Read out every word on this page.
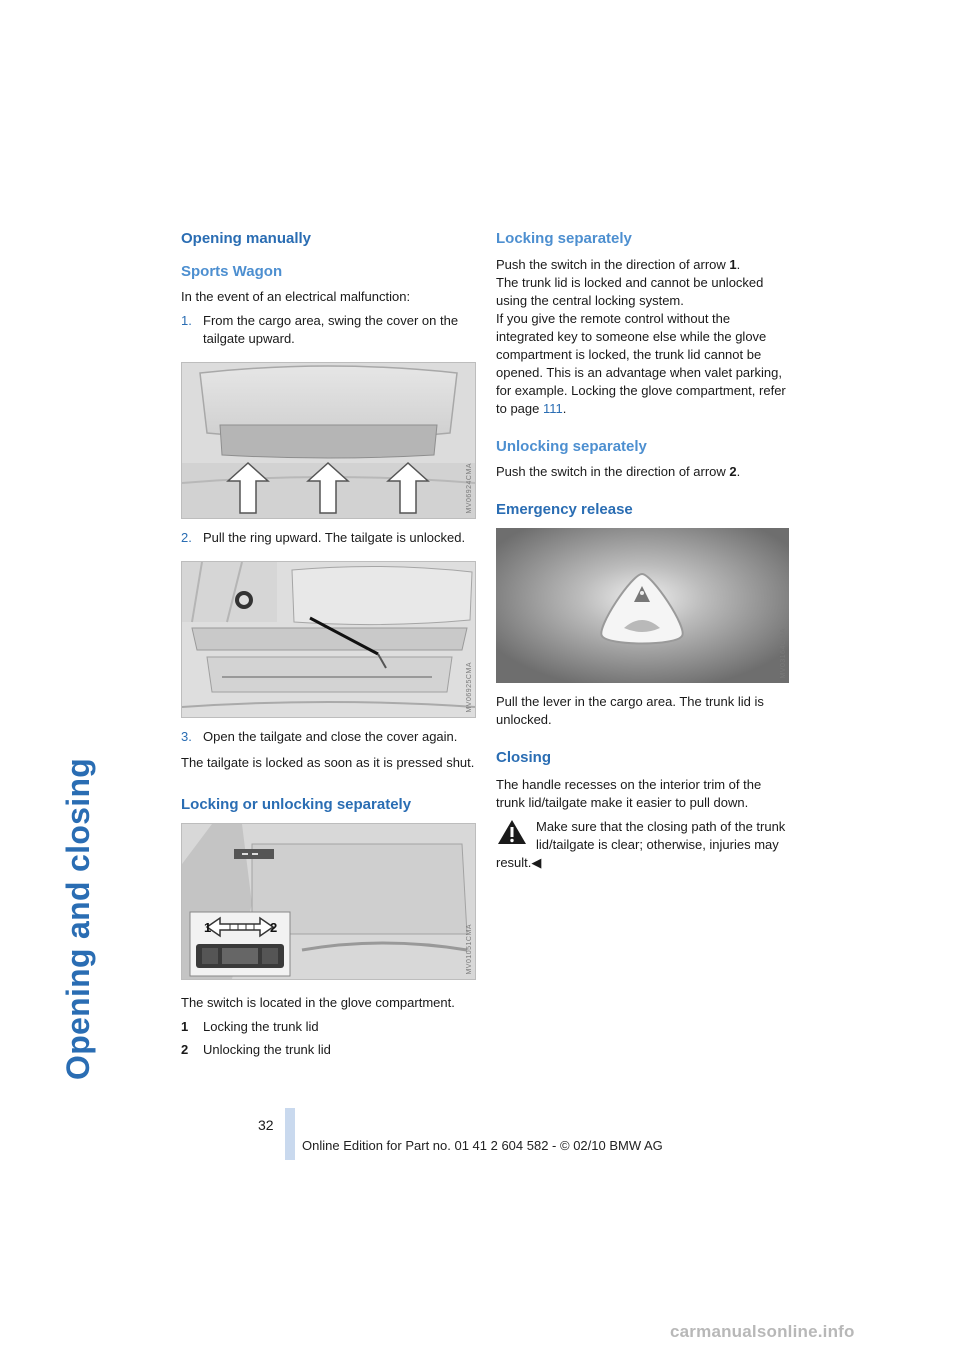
Opening and closing
Opening manually
Sports Wagon

In the event of an electrical malfunction:

1. From the cargo area, swing the cover on the tailgate upward.
MV06924CMA
2. Pull the ring upward. The tailgate is unlocked.
MV06925CMA
3. Open the tailgate and close the cover again.

The tailgate is locked as soon as it is pressed shut.

Locking or unlocking separately
1	2	MV01051CMA

The switch is located in the glove compartment.

1	Locking the trunk lid
2	Unlocking the trunk lid
Locking separately

Push the switch in the direction of arrow 1.

The trunk lid is locked and cannot be unlocked using the central locking system.

If you give the remote control without the integrated key to someone else while the glove compartment is locked, the trunk lid cannot be opened. This is an advantage when valet parking, for example. Locking the glove compartment, refer to page 111.

Unlocking separately

Push the switch in the direction of arrow 2.

Emergency release
MV03164CMA

Pull the lever in the cargo area. The trunk lid is unlocked.

Closing

The handle recesses on the interior trim of the trunk lid/tailgate make it easier to pull down.

Make sure that the closing path of the trunk lid/tailgate is clear; otherwise, injuries may result.◀

32
Online Edition for Part no. 01 41 2 604 582 - © 02/10 BMW AG
carmanualsonline.info
